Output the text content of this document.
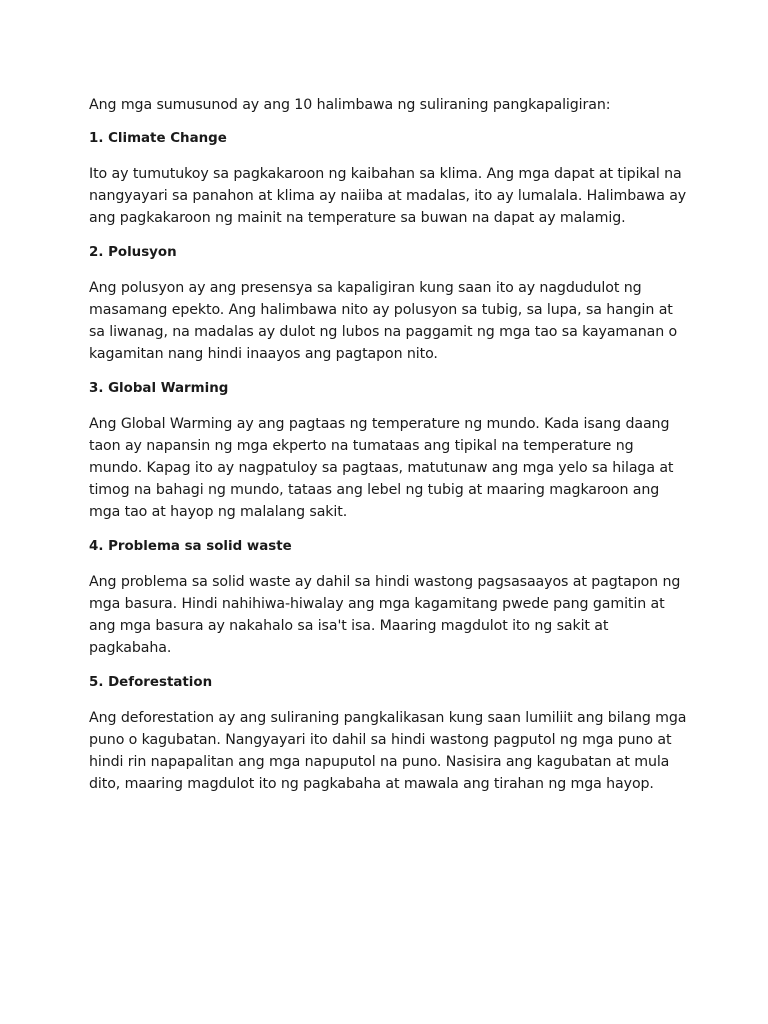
Ang mga sumusunod ay ang 10 halimbawa ng suliraning pangkapaligiran:

1. Climate Change

Ito ay tumutukoy sa pagkakaroon ng kaibahan sa klima. Ang mga dapat at tipikal na nangyayari sa panahon at klima ay naiiba at madalas, ito ay lumalala. Halimbawa ay ang pagkakaroon ng mainit na temperature sa buwan na dapat ay malamig.

2. Polusyon

Ang polusyon ay ang presensya sa kapaligiran kung saan ito ay nagdudulot ng masamang epekto. Ang halimbawa nito ay polusyon sa tubig, sa lupa, sa hangin at sa liwanag, na madalas ay dulot ng lubos na paggamit ng mga tao sa kayamanan o kagamitan nang hindi inaayos ang pagtapon nito.

3. Global Warming

Ang Global Warming ay ang pagtaas ng temperature ng mundo. Kada isang daang taon ay napansin ng mga ekperto na tumataas ang tipikal na temperature ng mundo. Kapag ito ay nagpatuloy sa pagtaas, matutunaw ang mga yelo sa hilaga at timog na bahagi ng mundo, tataas ang lebel ng tubig at maaring magkaroon ang mga tao at hayop ng malalang sakit.

4. Problema sa solid waste

Ang problema sa solid waste ay dahil sa hindi wastong pagsasaayos at pagtapon ng mga basura. Hindi nahihiwa-hiwalay ang mga kagamitang pwede pang gamitin at ang mga basura ay nakahalo sa isa't isa. Maaring magdulot ito ng sakit at pagkabaha.

5. Deforestation

Ang deforestation ay ang suliraning pangkalikasan kung saan lumiliit ang bilang mga puno o kagubatan. Nangyayari ito dahil sa hindi wastong pagputol ng mga puno at hindi rin napapalitan ang mga napuputol na puno. Nasisira ang kagubatan at mula dito, maaring magdulot ito ng pagkabaha at mawala ang tirahan ng mga hayop.
